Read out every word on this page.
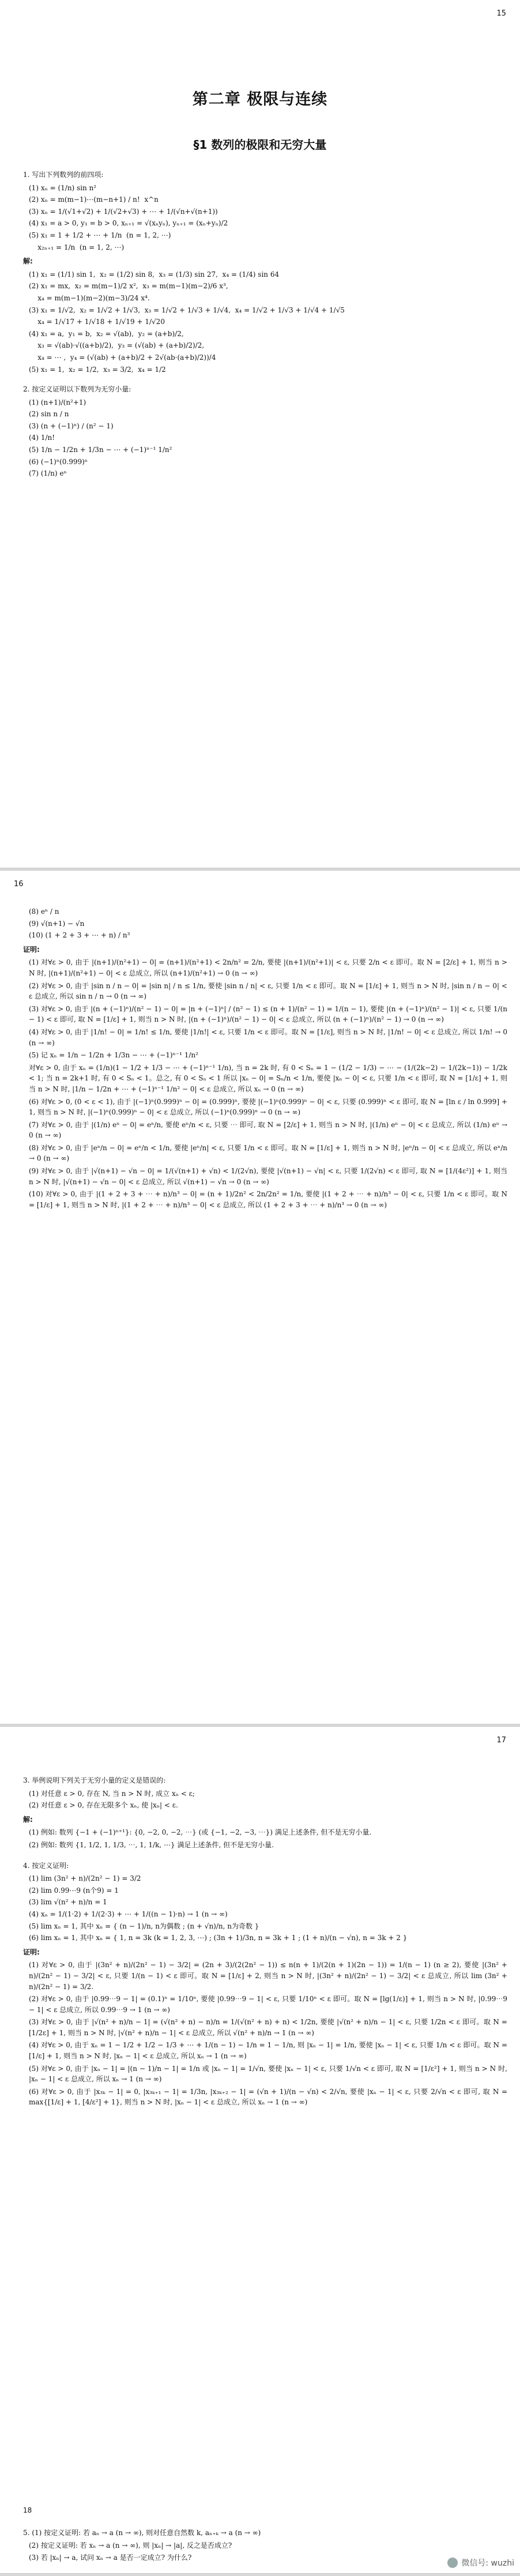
15
第二章 极限与连续
§1 数列的极限和无穷大量
1. 写出下列数列的前四项:
(1) xₙ = (1/n) sin n²
(2) xₙ = m(m−1)⋯(m−n+1) / n!  x^n
(3) xₙ = 1/(√1+√2) + 1/(√2+√3) + ⋯ + 1/(√n+√(n+1))
(4) x₁ = a > 0, y₁ = b > 0, xₙ₊₁ = √(xₙyₙ), yₙ₊₁ = (xₙ+yₙ)/2
(5) x₁ = 1 + 1/2 + ⋯ + 1/n  (n = 1, 2, ⋯)
x₂ₙ₊₁ = 1/n  (n = 1, 2, ⋯)
解:
(1) x₁ = (1/1) sin 1,  x₂ = (1/2) sin 8,  x₃ = (1/3) sin 27,  x₄ = (1/4) sin 64
(2) x₁ = mx,  x₂ = m(m−1)/2 x²,  x₃ = m(m−1)(m−2)/6 x³,
x₄ = m(m−1)(m−2)(m−3)/24 x⁴.
(3) x₁ = 1/√2,  x₂ = 1/√2 + 1/√3,  x₃ = 1/√2 + 1/√3 + 1/√4,  x₄ = 1/√2 + 1/√3 + 1/√4 + 1/√5
x₄ = 1/√17 + 1/√18 + 1/√19 + 1/√20
(4) x₁ = a,  y₁ = b,  x₂ = √(ab),  y₂ = (a+b)/2,
x₃ = √(ab)·√((a+b)/2),  y₃ = (√(ab) + (a+b)/2)/2,
x₄ = ⋯ ,  y₄ = (√(ab) + (a+b)/2 + 2√(ab·(a+b)/2))/4
(5) x₁ = 1,  x₂ = 1/2,  x₃ = 3/2,  x₄ = 1/2
2. 按定义证明以下数列为无穷小量:
(1) (n+1)/(n²+1)
(2) sin n / n
(3) (n + (−1)ⁿ) / (n² − 1)
(4) 1/n!
(5) 1/n − 1/2n + 1/3n − ⋯ + (−1)ⁿ⁻¹ 1/n²
(6) (−1)ⁿ(0.999)ⁿ
(7) (1/n) eⁿ
16
(8) eⁿ / n
(9) √(n+1) − √n
(10) (1 + 2 + 3 + ⋯ + n) / n³
证明:
(1) 对∀ε > 0, 由于 |(n+1)/(n²+1) − 0| = (n+1)/(n²+1) < 2n/n² = 2/n, 要使 |(n+1)/(n²+1)| < ε, 只要 2/n < ε 即可。取 N = [2/ε] + 1, 则当 n > N 时, |(n+1)/(n²+1) − 0| < ε 总成立, 所以 (n+1)/(n²+1) → 0 (n → ∞)
(2) 对∀ε > 0, 由于 |sin n / n − 0| = |sin n| / n ≤ 1/n, 要使 |sin n / n| < ε, 只要 1/n < ε 即可。取 N = [1/ε] + 1, 则当 n > N 时, |sin n / n − 0| < ε 总成立, 所以 sin n / n → 0 (n → ∞)
(3) 对∀ε > 0, 由于 |(n + (−1)ⁿ)/(n² − 1) − 0| = |n + (−1)ⁿ| / (n² − 1) ≤ (n + 1)/(n² − 1) = 1/(n − 1), 要使 |(n + (−1)ⁿ)/(n² − 1)| < ε, 只要 1/(n − 1) < ε 即可, 取 N = [1/ε] + 1, 则当 n > N 时, |(n + (−1)ⁿ)/(n² − 1) − 0| < ε 总成立, 所以 (n + (−1)ⁿ)/(n² − 1) → 0 (n → ∞)
(4) 对∀ε > 0, 由于 |1/n! − 0| = 1/n! ≤ 1/n, 要使 |1/n!| < ε, 只要 1/n < ε 即可。取 N = [1/ε], 则当 n > N 时, |1/n! − 0| < ε 总成立, 所以 1/n! → 0 (n → ∞)
(5) 记 xₙ = 1/n − 1/2n + 1/3n − ⋯ + (−1)ⁿ⁻¹ 1/n²
对∀ε > 0, 由于 xₙ = (1/n)(1 − 1/2 + 1/3 − ⋯ + (−1)ⁿ⁻¹ 1/n), 当 n = 2k 时, 有 0 < Sₙ = 1 − (1/2 − 1/3) − ⋯ − (1/(2k−2) − 1/(2k−1)) − 1/2k < 1; 当 n = 2k+1 时, 有 0 < Sₙ < 1。总之, 有 0 < Sₙ < 1 所以 |xₙ − 0| = Sₙ/n < 1/n, 要使 |xₙ − 0| < ε, 只要 1/n < ε 即可, 取 N = [1/ε] + 1, 则当 n > N 时, |1/n − 1/2n + ⋯ + (−1)ⁿ⁻¹ 1/n² − 0| < ε 总成立, 所以 xₙ → 0 (n → ∞)
(6) 对∀ε > 0, (0 < ε < 1), 由于 |(−1)ⁿ(0.999)ⁿ − 0| = (0.999)ⁿ, 要使 |(−1)ⁿ(0.999)ⁿ − 0| < ε, 只要 (0.999)ⁿ < ε 即可, 取 N = [ln ε / ln 0.999] + 1, 则当 n > N 时, |(−1)ⁿ(0.999)ⁿ − 0| < ε 总成立, 所以 (−1)ⁿ(0.999)ⁿ → 0 (n → ∞)
(7) 对∀ε > 0, 由于 |(1/n) eⁿ − 0| = eⁿ/n, 要使 eⁿ/n < ε, 只要 ⋯ 即可, 取 N = [2/ε] + 1, 则当 n > N 时, |(1/n) eⁿ − 0| < ε 总成立, 所以 (1/n) eⁿ → 0 (n → ∞)
(8) 对∀ε > 0, 由于 |eⁿ/n − 0| = eⁿ/n < 1/n, 要使 |eⁿ/n| < ε, 只要 1/n < ε 即可。取 N = [1/ε] + 1, 则当 n > N 时, |eⁿ/n − 0| < ε 总成立, 所以 eⁿ/n → 0 (n → ∞)
(9) 对∀ε > 0, 由于 |√(n+1) − √n − 0| = 1/(√(n+1) + √n) < 1/(2√n), 要使 |√(n+1) − √n| < ε, 只要 1/(2√n) < ε 即可, 取 N = [1/(4ε²)] + 1, 则当 n > N 时, |√(n+1) − √n − 0| < ε 总成立, 所以 √(n+1) − √n → 0 (n → ∞)
(10) 对∀ε > 0, 由于 |(1 + 2 + 3 + ⋯ + n)/n³ − 0| = (n + 1)/2n² < 2n/2n² = 1/n, 要使 |(1 + 2 + ⋯ + n)/n³ − 0| < ε, 只要 1/n < ε 即可。取 N = [1/ε] + 1, 则当 n > N 时, |(1 + 2 + ⋯ + n)/n³ − 0| < ε 总成立, 所以 (1 + 2 + 3 + ⋯ + n)/n³ → 0 (n → ∞)
17
3. 举例说明下列关于无穷小量的定义是错误的:
(1) 对任意 ε > 0, 存在 N, 当 n > N 时, 成立 xₙ < ε;
(2) 对任意 ε > 0, 存在无限多个 xₙ, 使 |xₙ| < ε.
解:
(1) 例如: 数列 {−1 + (−1)ⁿ⁺¹}: {0, −2, 0, −2, ⋯} (或 {−1, −2, −3, ⋯}) 满足上述条件, 但不是无穷小量.
(2) 例如: 数列 {1, 1/2, 1, 1/3, ⋯, 1, 1/k, ⋯} 满足上述条件, 但不是无穷小量.
4. 按定义证明:
(1) lim (3n² + n)/(2n² − 1) = 3/2
(2) lim 0.99⋯9 (n个9) = 1
(3) lim √(n² + n)/n = 1
(4) xₙ = 1/(1·2) + 1/(2·3) + ⋯ + 1/((n − 1)·n) → 1 (n → ∞)
(5) lim xₙ = 1, 其中 xₙ = { (n − 1)/n, n为偶数 ; (n + √n)/n, n为奇数 }
(6) lim xₙ = 1, 其中 xₙ = { 1, n = 3k (k = 1, 2, 3, ⋯) ; (3n + 1)/3n, n = 3k + 1 ; (1 + n)/(n − √n), n = 3k + 2 }
证明:
(1) 对∀ε > 0, 由于 |(3n² + n)/(2n² − 1) − 3/2| = (2n + 3)/(2(2n² − 1)) ≤ n(n + 1)/(2(n + 1)(2n − 1)) = 1/(n − 1) (n ≥ 2), 要使 |(3n² + n)/(2n² − 1) − 3/2| < ε, 只要 1/(n − 1) < ε 即可。取 N = [1/ε] + 2, 则当 n > N 时, |(3n² + n)/(2n² − 1) − 3/2| < ε 总成立, 所以 lim (3n² + n)/(2n² − 1) = 3/2.
(2) 对∀ε > 0, 由于 |0.99⋯9 − 1| = (0.1)ⁿ = 1/10ⁿ, 要使 |0.99⋯9 − 1| < ε, 只要 1/10ⁿ < ε 即可。取 N = [lg(1/ε)] + 1, 则当 n > N 时, |0.99⋯9 − 1| < ε 总成立, 所以 0.99⋯9 → 1 (n → ∞)
(3) 对∀ε > 0, 由于 |√(n² + n)/n − 1| = (√(n² + n) − n)/n = 1/(√(n² + n) + n) < 1/2n, 要使 |√(n² + n)/n − 1| < ε, 只要 1/2n < ε 即可。取 N = [1/2ε] + 1, 则当 n > N 时, |√(n² + n)/n − 1| < ε 总成立, 所以 √(n² + n)/n → 1 (n → ∞)
(4) 对∀ε > 0, 由于 xₙ = 1 − 1/2 + 1/2 − 1/3 + ⋯ + 1/(n − 1) − 1/n = 1 − 1/n, 则 |xₙ − 1| = 1/n, 要使 |xₙ − 1| < ε, 只要 1/n < ε 即可。取 N = [1/ε] + 1, 则当 n > N 时, |xₙ − 1| < ε 总成立, 所以 xₙ → 1 (n → ∞)
(5) 对∀ε > 0, 由于 |xₙ − 1| = |(n − 1)/n − 1| = 1/n 或 |xₙ − 1| = 1/√n, 要使 |xₙ − 1| < ε, 只要 1/√n < ε 即可, 取 N = [1/ε²] + 1, 则当 n > N 时, |xₙ − 1| < ε 总成立, 所以 xₙ → 1 (n → ∞)
(6) 对∀ε > 0, 由于 |x₃ₖ − 1| = 0, |x₃ₖ₊₁ − 1| = 1/3n, |x₃ₖ₊₂ − 1| = (√n + 1)/(n − √n) < 2/√n, 要使 |xₙ − 1| < ε, 只要 2/√n < ε 即可, 取 N = max{[1/ε] + 1, [4/ε²] + 1}, 则当 n > N 时, |xₙ − 1| < ε 总成立, 所以 xₙ → 1 (n → ∞)
18
5. (1) 按定义证明: 若 aₙ → a (n → ∞), 则对任意自然数 k, aₙ₊ₖ → a (n → ∞)
(2) 按定义证明: 若 xₙ → a (n → ∞), 则 |xₙ| → |a|, 反之是否成立?
(3) 若 |xₙ| → a, 试问 xₙ → a 是否一定成立? 为什么?
微信号: wuzhi
